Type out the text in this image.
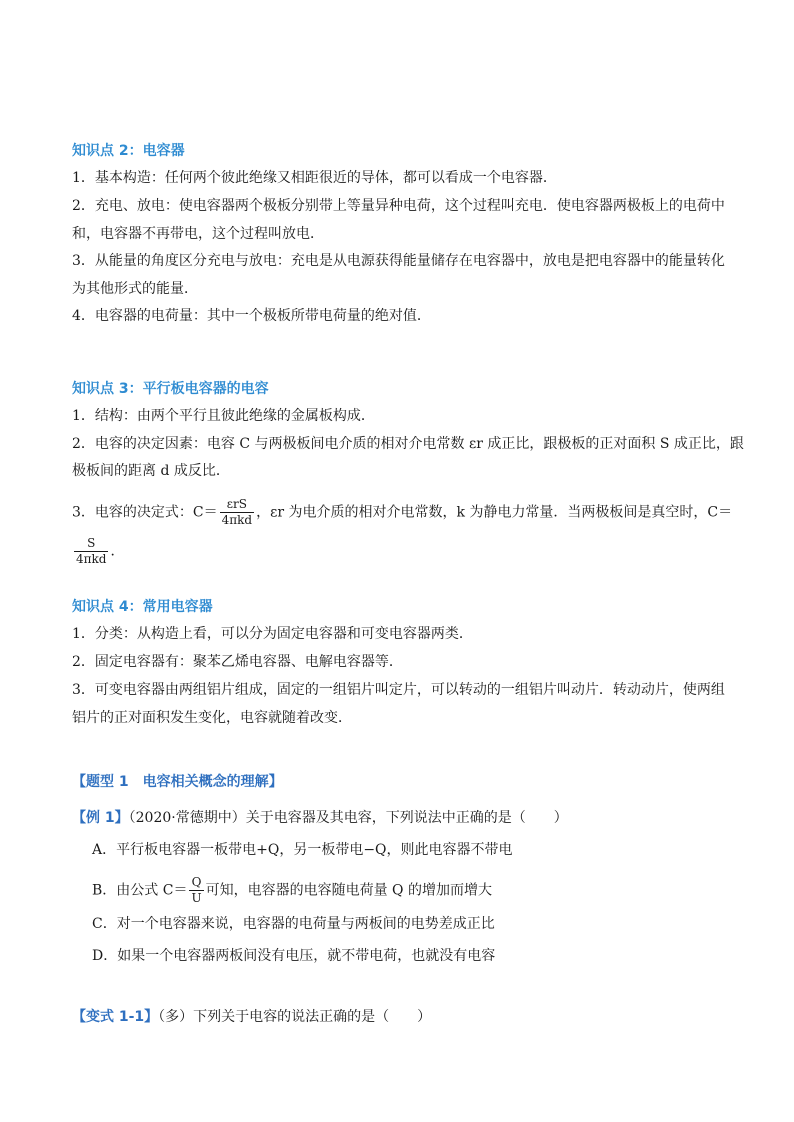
知识点 2：电容器
1．基本构造：任何两个彼此绝缘又相距很近的导体，都可以看成一个电容器．
2．充电、放电：使电容器两个极板分别带上等量异种电荷，这个过程叫充电．使电容器两极板上的电荷中
和，电容器不再带电，这个过程叫放电．
3．从能量的角度区分充电与放电：充电是从电源获得能量储存在电容器中，放电是把电容器中的能量转化
为其他形式的能量．
4．电容器的电荷量：其中一个极板所带电荷量的绝对值．
知识点 3：平行板电容器的电容
1．结构：由两个平行且彼此绝缘的金属板构成．
2．电容的决定因素：电容 C 与两极板间电介质的相对介电常数 εr 成正比，跟极板的正对面积 S 成正比，跟
极板间的距离 d 成反比．
3．电容的决定式：$C= \frac{\text{εrS}}{\text{4πkd}}$ ，εr 为电介质的相对介电常数，k 为静电力常量．当两极板间是真空时，C＝
$\frac{S}{\text{4πkd}}$ ．
知识点 4：常用电容器
1．分类：从构造上看，可以分为固定电容器和可变电容器两类．
2．固定电容器有：聚苯乙烯电容器、电解电容器等．
3．可变电容器由两组铝片组成，固定的一组铝片叫定片，可以转动的一组铝片叫动片．转动动片，使两组
铝片的正对面积发生变化，电容就随着改变．
【题型 1　电容相关概念的理解】
【例 1】（2020·常德期中）关于电容器及其电容，下列说法中正确的是（　　）
A．平行板电容器一板带电+Q，另一板带电−Q，则此电容器不带电
B．由公式 $C= \frac{Q}{U}$ 可知，电容器的电容随电荷量 Q 的增加而增大
C．对一个电容器来说，电容器的电荷量与两板间的电势差成正比
D．如果一个电容器两板间没有电压，就不带电荷，也就没有电容
【变式 1-1】（多）下列关于电容的说法正确的是（　　）
